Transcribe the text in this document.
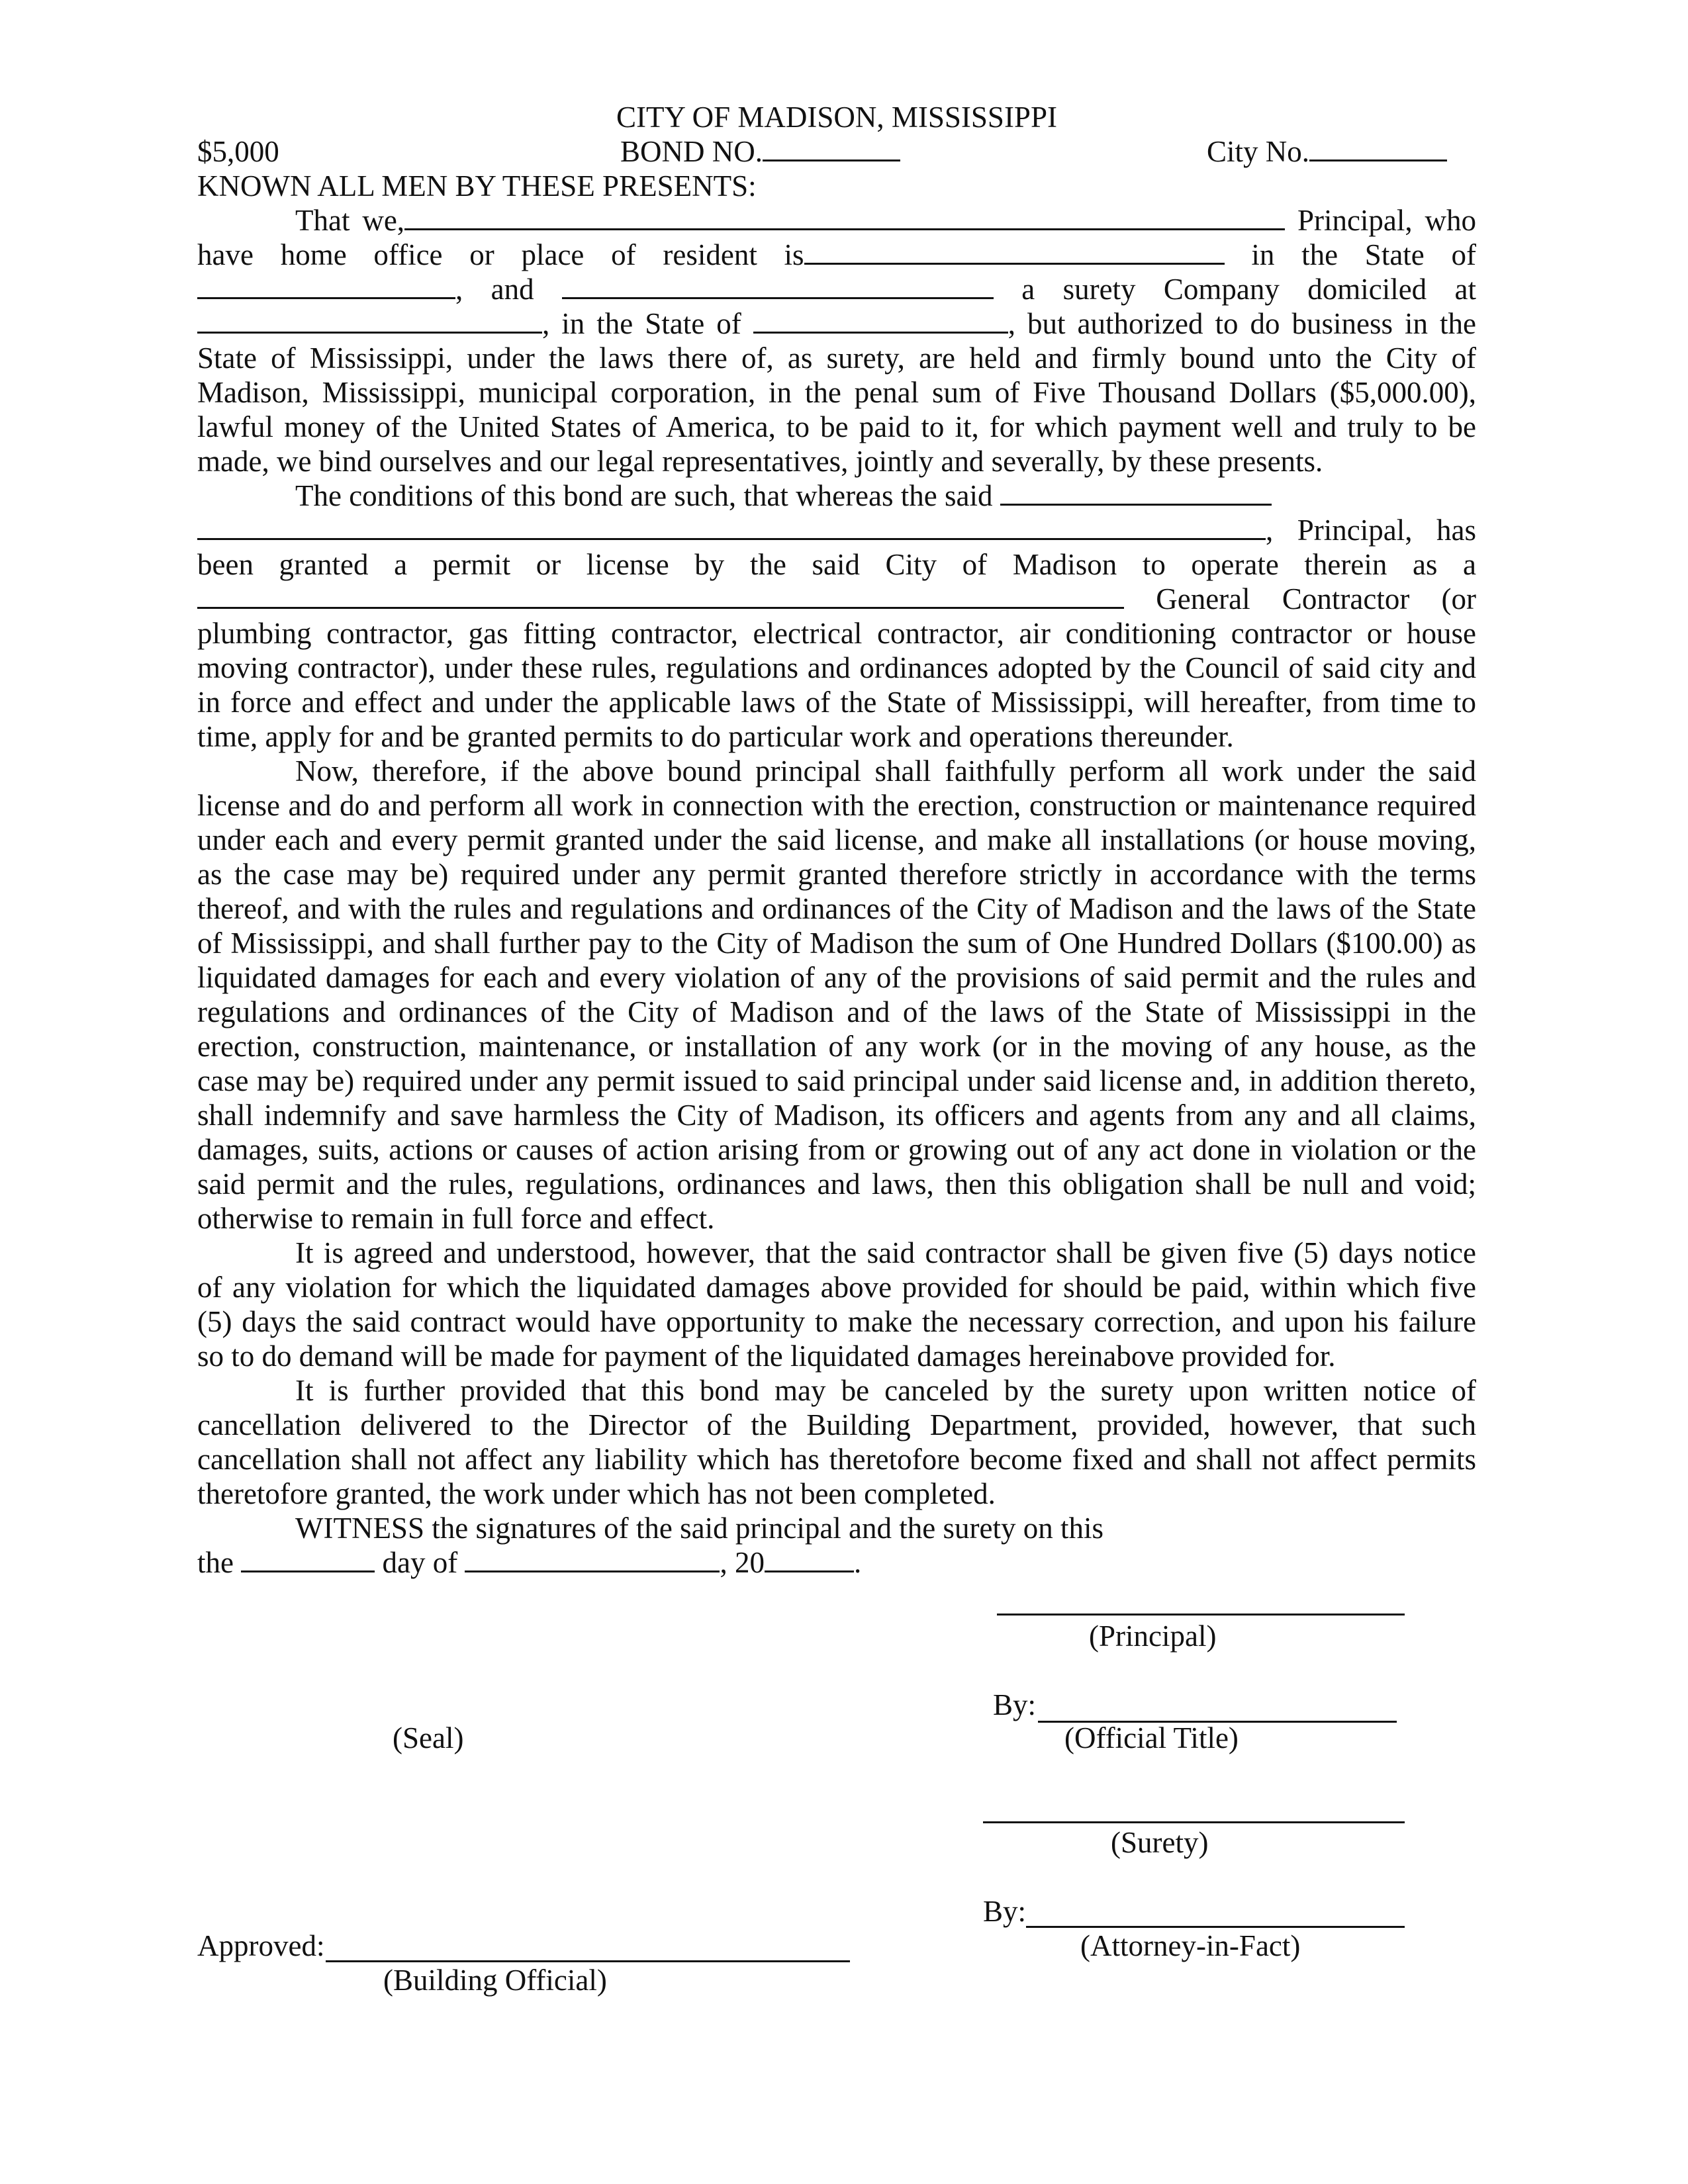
CITY OF MADISON, MISSISSIPPI
$5,000	BOND NO.	City No.
KNOWN ALL MEN BY THESE PRESENTS:
That we,	Principal, who
have home office or place of resident is	in the State of
, and	a surety Company domiciled at
, in the State of	, but authorized to do business in the
State of Mississippi, under the laws there of, as surety, are held and firmly bound unto the City of
Madison, Mississippi, municipal corporation, in the penal sum of Five Thousand Dollars ($5,000.00),
lawful money of the United States of America, to be paid to it, for which payment well and truly to be
made, we bind ourselves and our legal representatives, jointly and severally, by these presents.
The conditions of this bond are such, that whereas the said
, Principal, has
been granted a permit or license by the said City of Madison to operate therein as a
General Contractor (or
plumbing contractor, gas fitting contractor, electrical contractor, air conditioning contractor or house
moving contractor), under these rules, regulations and ordinances adopted by the Council of said city and
in force and effect and under the applicable laws of the State of Mississippi, will hereafter, from time to
time, apply for and be granted permits to do particular work and operations thereunder.
Now, therefore, if the above bound principal shall faithfully perform all work under the said
license and do and perform all work in connection with the erection, construction or maintenance required
under each and every permit granted under the said license, and make all installations (or house moving,
as the case may be) required under any permit granted therefore strictly in accordance with the terms
thereof, and with the rules and regulations and ordinances of the City of Madison and the laws of the State
of Mississippi, and shall further pay to the City of Madison the sum of One Hundred Dollars ($100.00) as
liquidated damages for each and every violation of any of the provisions of said permit and the rules and
regulations and ordinances of the City of Madison and of the laws of the State of Mississippi in the
erection, construction, maintenance, or installation of any work (or in the moving of any house, as the
case may be) required under any permit issued to said principal under said license and, in addition thereto,
shall indemnify and save harmless the City of Madison, its officers and agents from any and all claims,
damages, suits, actions or causes of action arising from or growing out of any act done in violation or the
said permit and the rules, regulations, ordinances and laws, then this obligation shall be null and void;
otherwise to remain in full force and effect.
It is agreed and understood, however, that the said contractor shall be given five (5) days notice
of any violation for which the liquidated damages above provided for should be paid, within which five
(5) days the said contract would have opportunity to make the necessary correction, and upon his failure
so to do demand will be made for payment of the liquidated damages hereinabove provided for.
It is further provided that this bond may be canceled by the surety upon written notice of
cancellation delivered to the Director of the Building Department, provided, however, that such
cancellation shall not affect any liability which has theretofore become fixed and shall not affect permits
theretofore granted, the work under which has not been completed.
WITNESS the signatures of the said principal and the surety on this
the	day of	, 20	.
(Principal)
By:
(Official Title)
(Seal)
(Surety)
By:
(Attorney-in-Fact)
Approved:
(Building Official)
